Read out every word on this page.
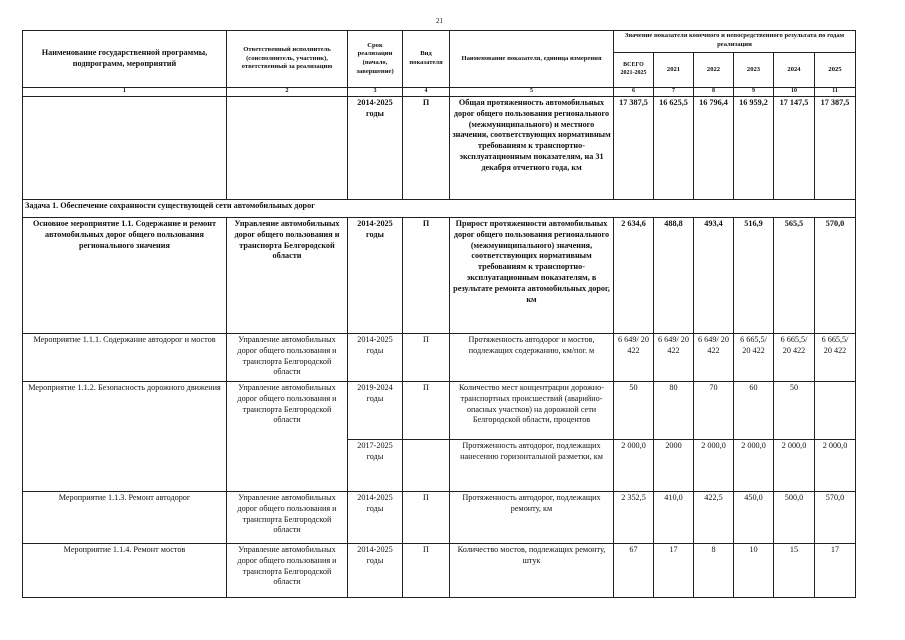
21
Наименование государственной программы, подпрограмм, мероприятий	Ответственный исполнитель (соисполнитель, участник), ответственный за реализацию	Срок реализации (начало, завершение)	Вид показателя	Наименование показателя, единица измерения	Значение показателя конечного и непосредственного результата по годам реализации					
					ВСЕГО 2021-2025	2021	2022	2023	2024	2025
1	2	3	4	5	6	7	8	9	10	11
		2014-2025 годы	П	Общая протяженность автомобильных дорог общего пользования регионального (межмуниципального) и местного значения, соответствующих нормативным требованиям к транспортно-эксплуатационным показателям, на 31 декабря отчетного года, км	17 387,5	16 625,5	16 796,4	16 959,2	17 147,5	17 387,5
Задача 1. Обеспечение сохранности существующей сети автомобильных дорог										
Основное мероприятие 1.1. Содержание и ремонт автомобильных дорог общего пользования регионального значения	Управление автомобильных дорог общего пользования и транспорта Белгородской области	2014-2025 годы	П	Прирост протяженности автомобильных дорог общего пользования регионального (межмуниципального) значения, соответствующих нормативным требованиям к транспортно-эксплуатационным показателям, в результате ремонта автомобильных дорог, км	2 634,6	488,8	493,4	516,9	565,5	570,0
Мероприятие 1.1.1. Содержание автодорог и мостов	Управление автомобильных дорог общего пользования и транспорта Белгородской области	2014-2025 годы	П	Протяженность автодорог и мостов, подлежащих содержанию, км/пог. м	6 649/ 20 422	6 649/ 20 422	6 649/ 20 422	6 665,5/ 20 422	6 665,5/ 20 422	6 665,5/ 20 422
Мероприятие 1.1.2. Безопасность дорожного движения	Управление автомобильных дорог общего пользования и транспорта Белгородской области	2019-2024 годы	П	Количество мест концентрации дорожно-транспортных происшествий (аварийно-опасных участков) на дорожной сети Белгородской области, процентов	50	80	70	60	50	
		2017-2025 годы		Протяженность автодорог, подлежащих нанесению горизонтальной разметки, км	2 000,0	2000	2 000,0	2 000,0	2 000,0	2 000,0
Мероприятие 1.1.3. Ремонт автодорог	Управление автомобильных дорог общего пользования и транспорта Белгородской области	2014-2025 годы	П	Протяженность автодорог, подлежащих ремонту, км	2 352,5	410,0	422,5	450,0	500,0	570,0
Мероприятие 1.1.4. Ремонт мостов	Управление автомобильных дорог общего пользования и транспорта Белгородской области	2014-2025 годы	П	Количество мостов, подлежащих ремонту, штук	67	17	8	10	15	17
